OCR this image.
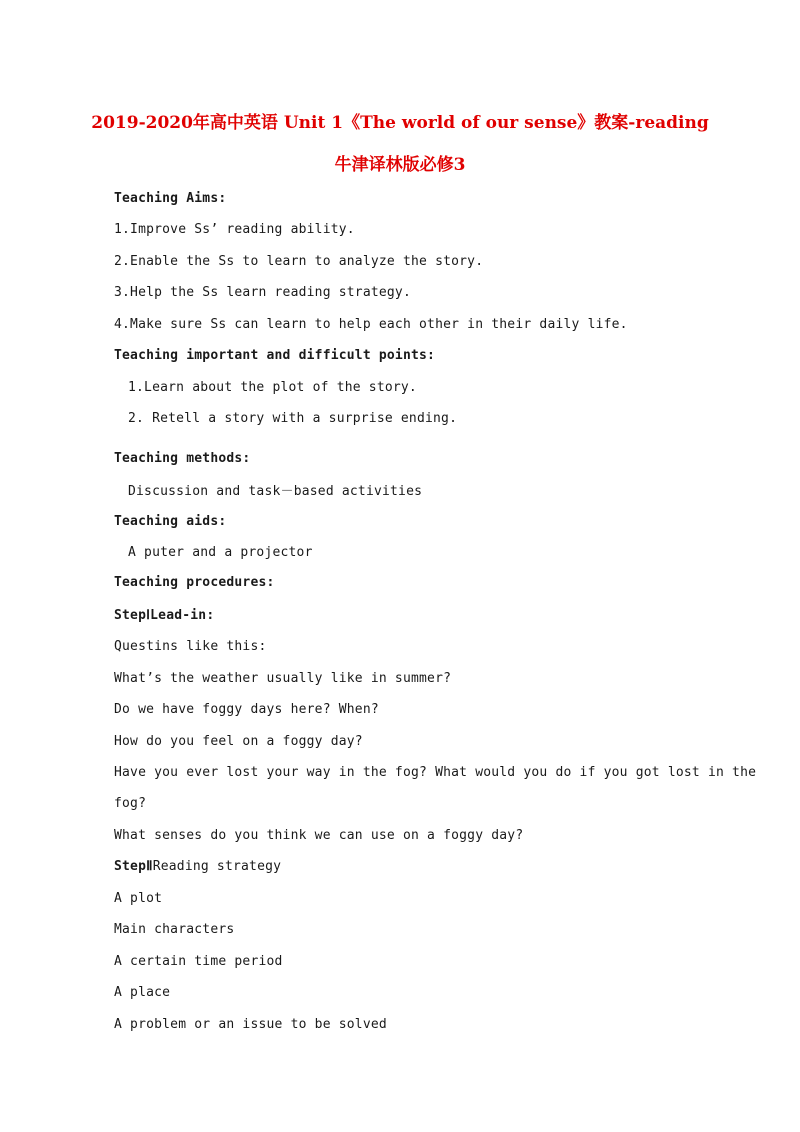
2019-2020年高中英语 Unit 1《The world of our sense》教案-reading
牛津译林版必修3
Teaching Aims:
1.Improve Ss’ reading ability.
2.Enable the Ss to learn to analyze the story.
3.Help the Ss learn reading strategy.
4.Make sure Ss can learn to help each other in their daily life.
Teaching important and difficult points:
1.Learn about the plot of the story.
2. Retell a story with a surprise ending.
Teaching methods:
Discussion and task－based activities
Teaching aids:
A puter and a projector
Teaching procedures:
StepⅠLead-in:
Questins like this:
What’s the weather usually like in summer?
Do we have foggy days here? When?
How do you feel on a foggy day?
Have you ever lost your way in the fog? What would you do if you got lost in the
fog?
What senses do you think we can use on a foggy day?
StepⅡReading strategy
A plot
Main characters
A certain time period
A place
A problem or an issue to be solved
